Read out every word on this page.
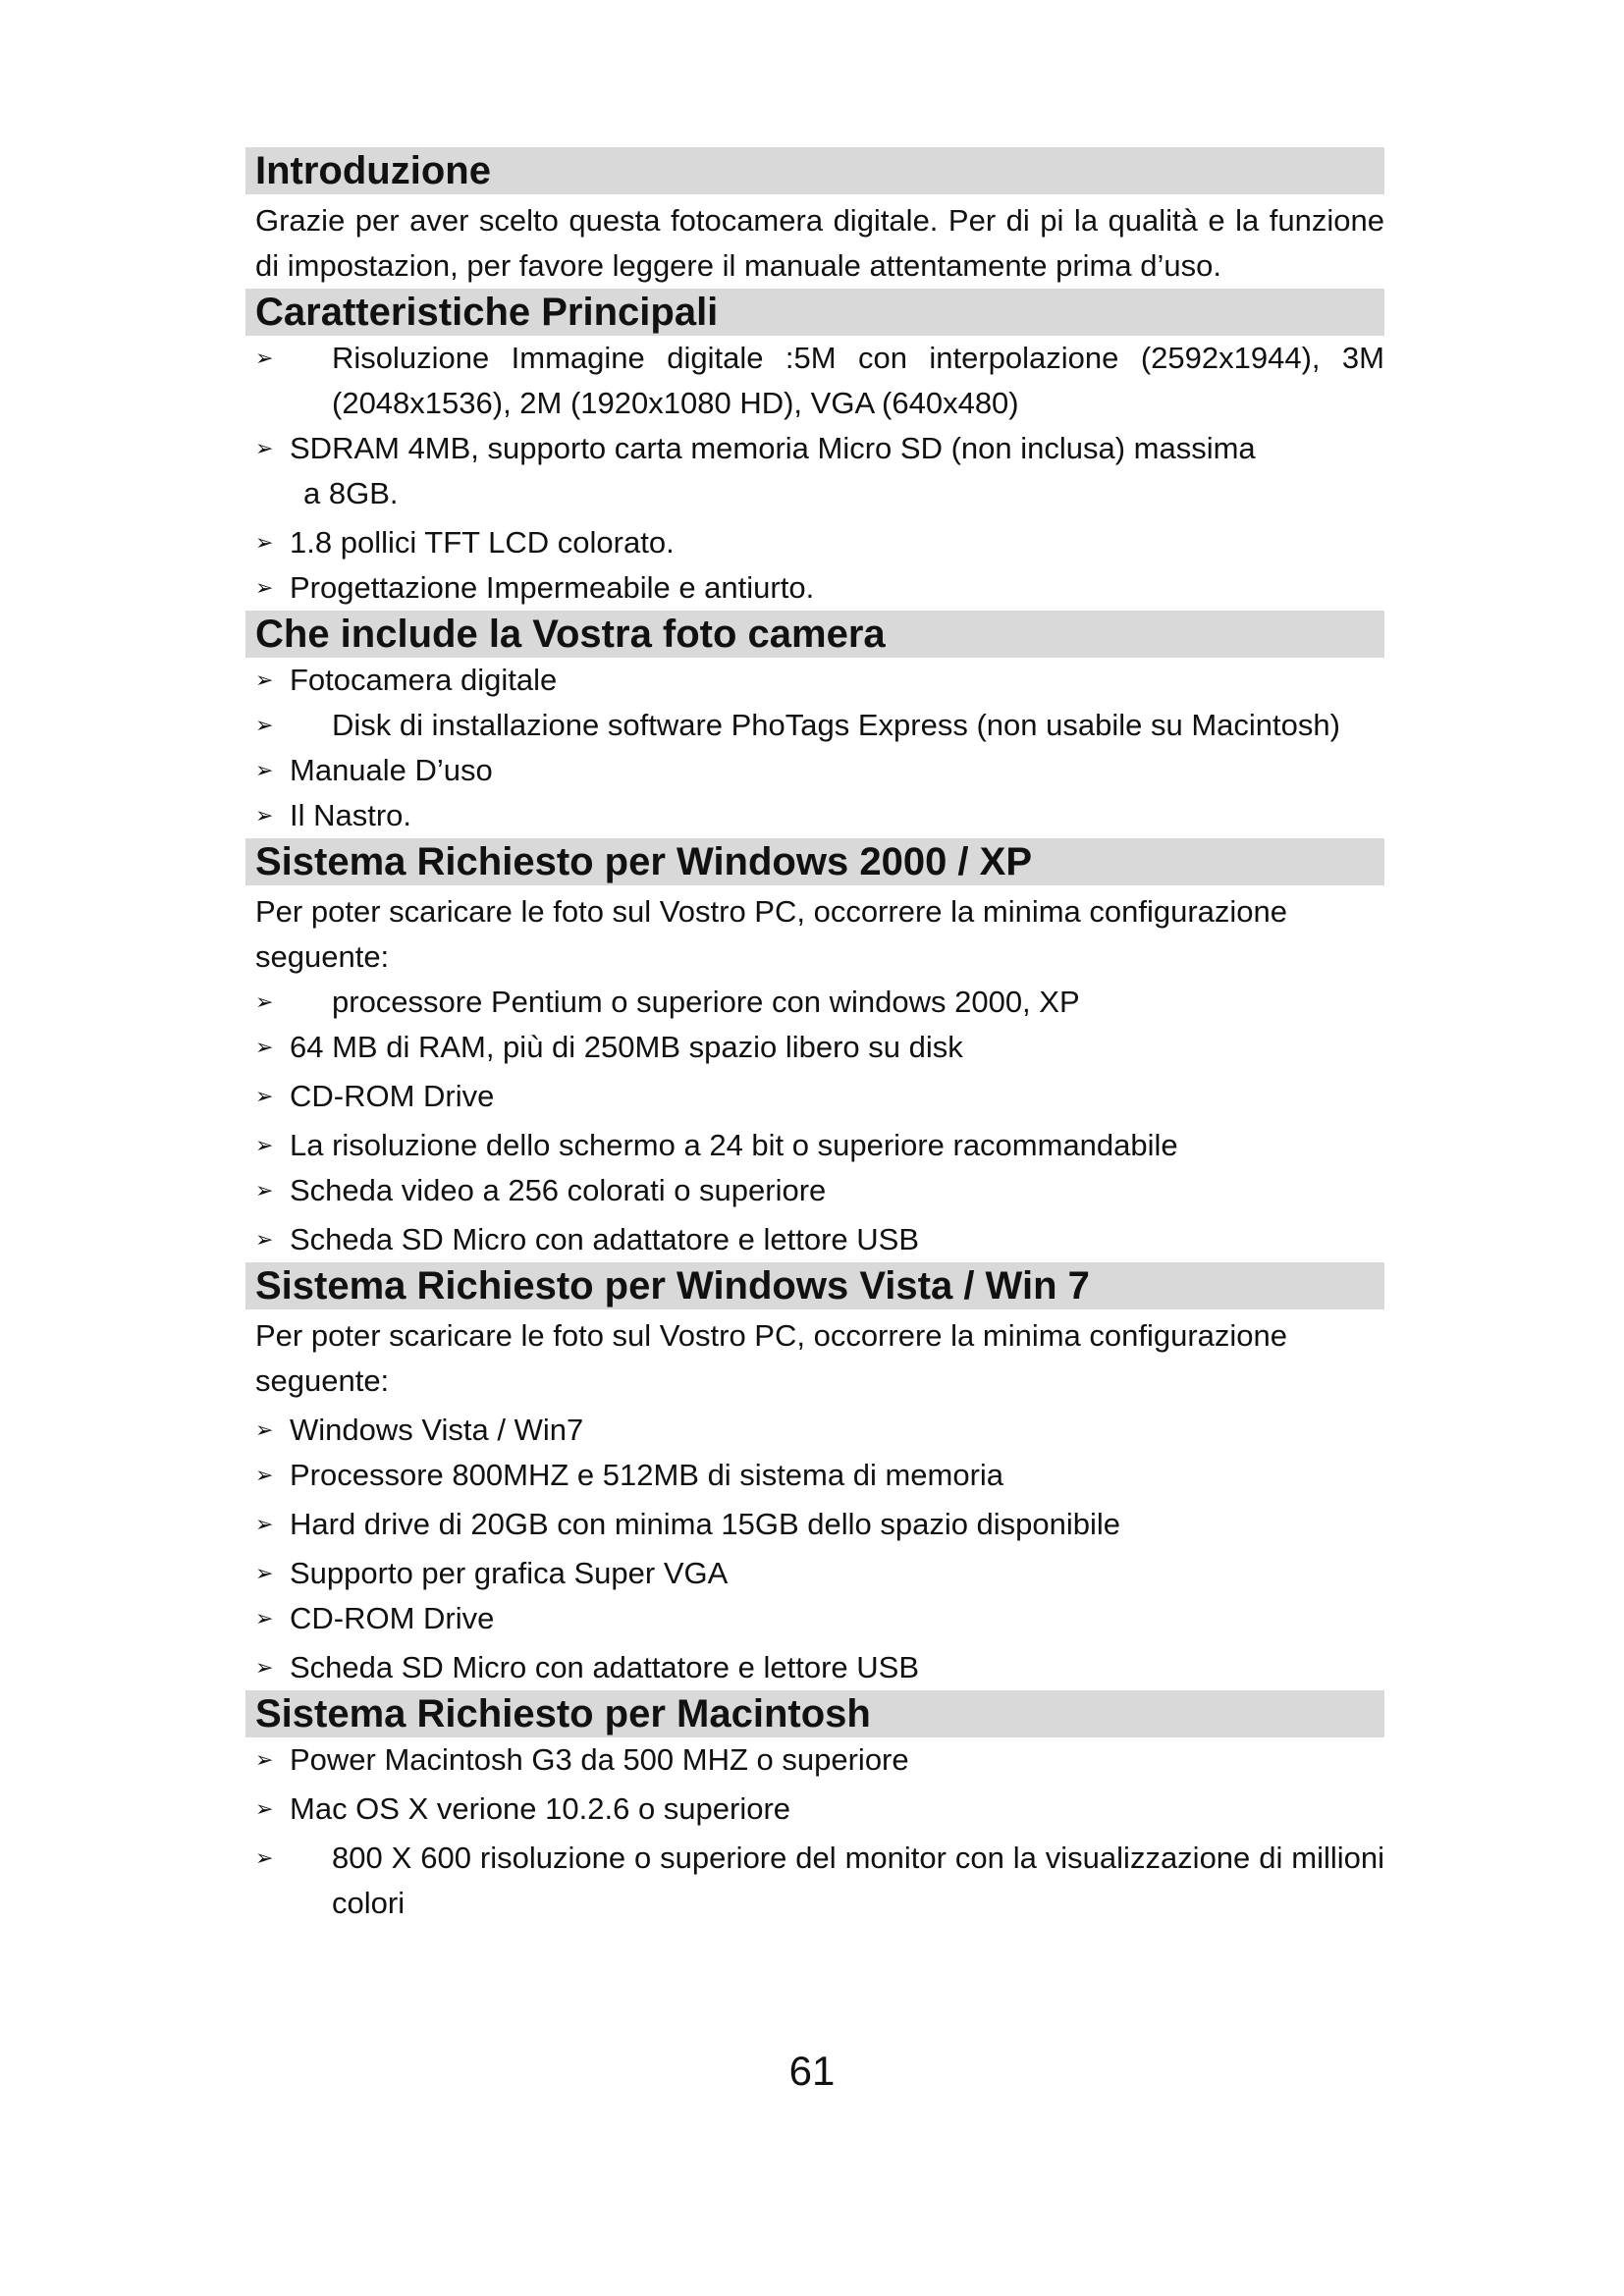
Introduzione

Grazie per aver scelto questa fotocamera digitale. Per di pi la qualità e la funzione di impostazion, per favore leggere il manuale attentamente prima d’uso.

Caratteristiche Principali
➢ Risoluzione Immagine digitale :5M con interpolazione (2592x1944), 3M (2048x1536), 2M (1920x1080 HD), VGA (640x480)
➢ SDRAM 4MB, supporto carta memoria Micro SD (non inclusa) massima
a 8GB.
➢ 1.8 pollici TFT LCD colorato.
➢ Progettazione Impermeabile e antiurto.
Che include la Vostra foto camera
➢ Fotocamera digitale
➢ Disk di installazione software PhoTags Express (non usabile su Macintosh)
➢ Manuale D’uso
➢ Il Nastro.
Sistema Richiesto per Windows 2000 / XP

Per poter scaricare le foto sul Vostro PC, occorrere la minima configurazione seguente:

➢ processore Pentium o superiore con windows 2000, XP
➢ 64 MB di RAM, più di 250MB spazio libero su disk
➢ CD-ROM Drive
➢ La risoluzione dello schermo a 24 bit o superiore racommandabile
➢ Scheda video a 256 colorati o superiore
➢ Scheda SD Micro con adattatore e lettore USB
Sistema Richiesto per Windows Vista / Win 7

Per poter scaricare le foto sul Vostro PC, occorrere la minima configurazione seguente:

➢ Windows Vista / Win7
➢ Processore 800MHZ e 512MB di sistema di memoria
➢ Hard drive di 20GB con minima 15GB dello spazio disponibile
➢ Supporto per grafica Super VGA
➢ CD-ROM Drive
➢ Scheda SD Micro con adattatore e lettore USB
Sistema Richiesto per Macintosh
➢ Power Macintosh G3 da 500 MHZ o superiore
➢ Mac OS X verione 10.2.6 o superiore
➢ 800 X 600 risoluzione o superiore del monitor con la visualizzazione di millioni colori
61
